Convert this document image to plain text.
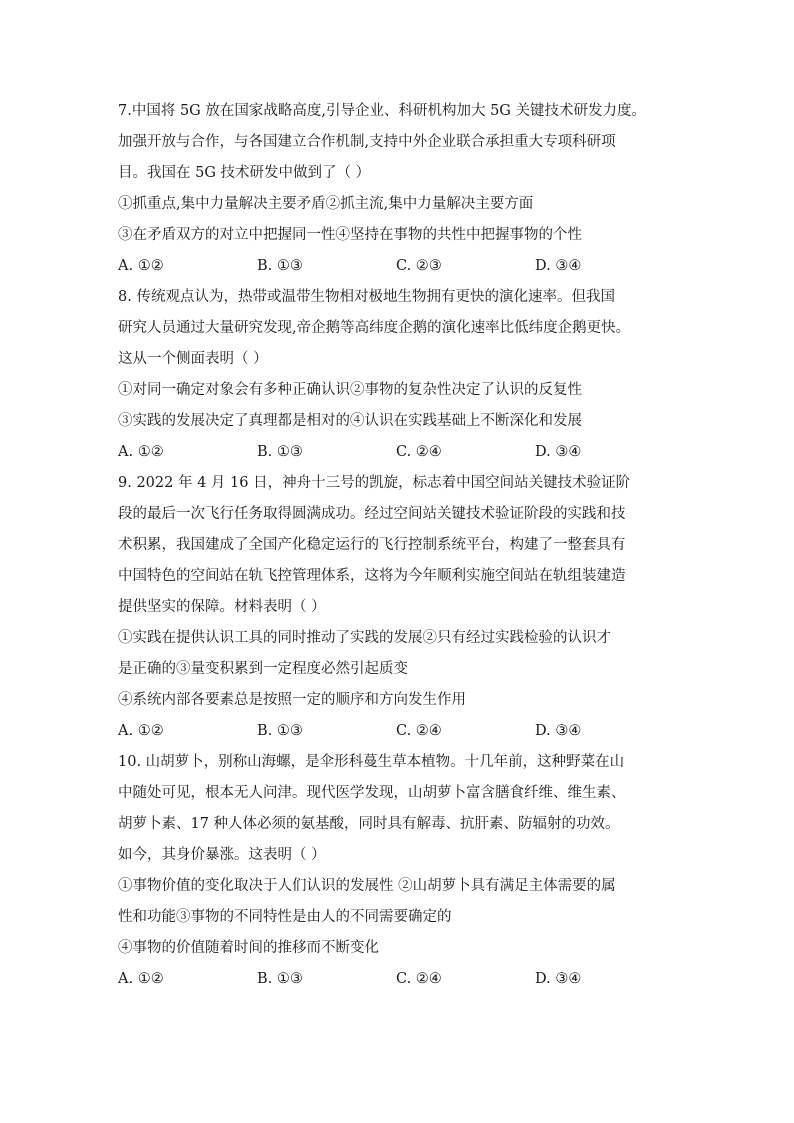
7.中国将 5G 放在国家战略高度,引导企业、科研机构加大 5G 关键技术研发力度。
加强开放与合作，与各国建立合作机制,支持中外企业联合承担重大专项科研项
目。我国在 5G 技术研发中做到了（ ）
①抓重点,集中力量解决主要矛盾②抓主流,集中力量解决主要方面
③在矛盾双方的对立中把握同一性④坚持在事物的共性中把握事物的个性
A. ①②	B. ①③	C. ②③	D. ③④
8. 传统观点认为，热带或温带生物相对极地生物拥有更快的演化速率。但我国
研究人员通过大量研究发现,帝企鹅等高纬度企鹅的演化速率比低纬度企鹅更快。
这从一个侧面表明（ ）
①对同一确定对象会有多种正确认识②事物的复杂性决定了认识的反复性
③实践的发展决定了真理都是相对的④认识在实践基础上不断深化和发展
A. ①②	B. ①③	C. ②④	D. ③④
9. 2022 年 4 月 16 日，神舟十三号的凯旋，标志着中国空间站关键技术验证阶
段的最后一次飞行任务取得圆满成功。经过空间站关键技术验证阶段的实践和技
术积累，我国建成了全国产化稳定运行的飞行控制系统平台，构建了一整套具有
中国特色的空间站在轨飞控管理体系，这将为今年顺利实施空间站在轨组装建造
提供坚实的保障。材料表明（ ）
①实践在提供认识工具的同时推动了实践的发展②只有经过实践检验的认识才
是正确的③量变积累到一定程度必然引起质变
④系统内部各要素总是按照一定的顺序和方向发生作用
A. ①②	B. ①③	C. ②④	D. ③④
10. 山胡萝卜，别称山海螺，是伞形科蔓生草本植物。十几年前，这种野菜在山
中随处可见，根本无人问津。现代医学发现，山胡萝卜富含膳食纤维、维生素、
胡萝卜素、17 种人体必须的氨基酸，同时具有解毒、抗肝素、防辐射的功效。
如今，其身价暴涨。这表明（ ）
①事物价值的变化取决于人们认识的发展性 ②山胡萝卜具有满足主体需要的属
性和功能③事物的不同特性是由人的不同需要确定的
④事物的价值随着时间的推移而不断变化
A. ①②	B. ①③	C. ②④	D. ③④
